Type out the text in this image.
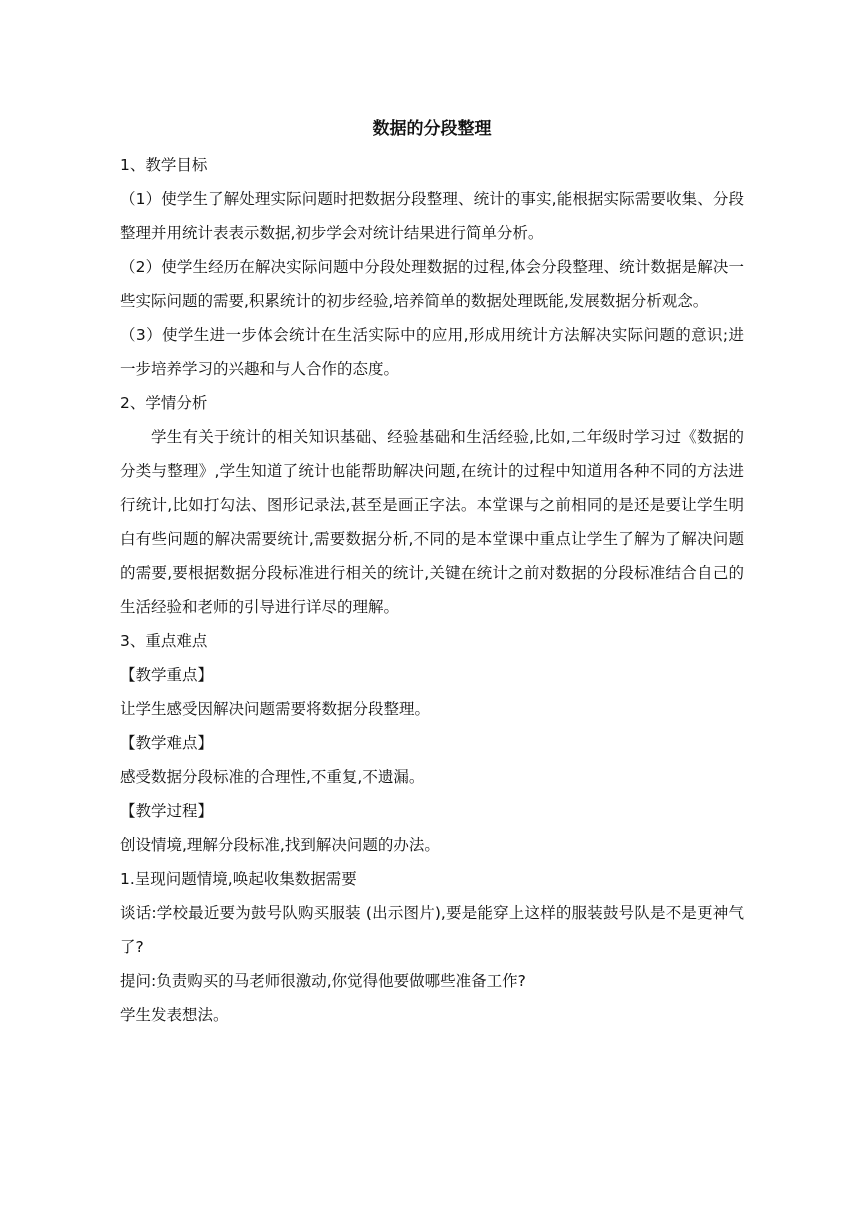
数据的分段整理

1、教学目标

（1）使学生了解处理实际问题时把数据分段整理、统计的事实,能根据实际需要收集、分段整理并用统计表表示数据,初步学会对统计结果进行简单分析。

（2）使学生经历在解决实际问题中分段处理数据的过程,体会分段整理、统计数据是解决一些实际问题的需要,积累统计的初步经验,培养简单的数据处理既能,发展数据分析观念。

（3）使学生进一步体会统计在生活实际中的应用,形成用统计方法解决实际问题的意识;进一步培养学习的兴趣和与人合作的态度。

2、学情分析

学生有关于统计的相关知识基础、经验基础和生活经验,比如,二年级时学习过《数据的分类与整理》,学生知道了统计也能帮助解决问题,在统计的过程中知道用各种不同的方法进行统计,比如打勾法、图形记录法,甚至是画正字法。本堂课与之前相同的是还是要让学生明白有些问题的解决需要统计,需要数据分析,不同的是本堂课中重点让学生了解为了解决问题的需要,要根据数据分段标准进行相关的统计,关键在统计之前对数据的分段标准结合自己的生活经验和老师的引导进行详尽的理解。

3、重点难点

【教学重点】

让学生感受因解决问题需要将数据分段整理。

【教学难点】

感受数据分段标准的合理性,不重复,不遗漏。

【教学过程】

创设情境,理解分段标准,找到解决问题的办法。

1.呈现问题情境,唤起收集数据需要

谈话:学校最近要为鼓号队购买服装 (出示图片),要是能穿上这样的服装鼓号队是不是更神气了?

提问:负责购买的马老师很激动,你觉得他要做哪些准备工作?

学生发表想法。
